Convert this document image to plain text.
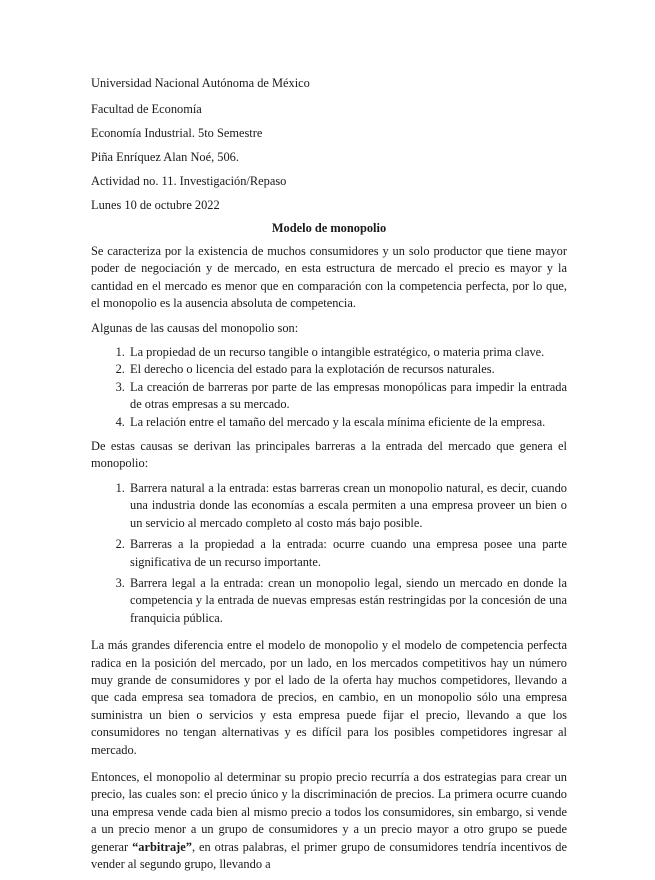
Universidad Nacional Autónoma de México

Facultad de Economía

Economía Industrial. 5to Semestre

Piña Enríquez Alan Noé, 506.

Actividad no. 11. Investigación/Repaso

Lunes 10 de octubre 2022

Modelo de monopolio

Se caracteriza por la existencia de muchos consumidores y un solo productor que tiene mayor poder de negociación y de mercado, en esta estructura de mercado el precio es mayor y la cantidad en el mercado es menor que en comparación con la competencia perfecta, por lo que, el monopolio es la ausencia absoluta de competencia.

Algunas de las causas del monopolio son:

1. La propiedad de un recurso tangible o intangible estratégico, o materia prima clave.
2. El derecho o licencia del estado para la explotación de recursos naturales.
3. La creación de barreras por parte de las empresas monopólicas para impedir la entrada de otras empresas a su mercado.
4. La relación entre el tamaño del mercado y la escala mínima eficiente de la empresa.

De estas causas se derivan las principales barreras a la entrada del mercado que genera el monopolio:

1. Barrera natural a la entrada: estas barreras crean un monopolio natural, es decir, cuando una industria donde las economías a escala permiten a una empresa proveer un bien o un servicio al mercado completo al costo más bajo posible.
2. Barreras a la propiedad a la entrada: ocurre cuando una empresa posee una parte significativa de un recurso importante.
3. Barrera legal a la entrada: crean un monopolio legal, siendo un mercado en donde la competencia y la entrada de nuevas empresas están restringidas por la concesión de una franquicia pública.

La más grandes diferencia entre el modelo de monopolio y el modelo de competencia perfecta radica en la posición del mercado, por un lado, en los mercados competitivos hay un número muy grande de consumidores y por el lado de la oferta hay muchos competidores, llevando a que cada empresa sea tomadora de precios, en cambio, en un monopolio sólo una empresa suministra un bien o servicios y esta empresa puede fijar el precio, llevando a que los consumidores no tengan alternativas y es difícil para los posibles competidores ingresar al mercado.

Entonces, el monopolio al determinar su propio precio recurría a dos estrategias para crear un precio, las cuales son: el precio único y la discriminación de precios. La primera ocurre cuando una empresa vende cada bien al mismo precio a todos los consumidores, sin embargo, si vende a un precio menor a un grupo de consumidores y a un precio mayor a otro grupo se puede generar “arbitraje”, en otras palabras, el primer grupo de consumidores tendría incentivos de vender al segundo grupo, llevando a
